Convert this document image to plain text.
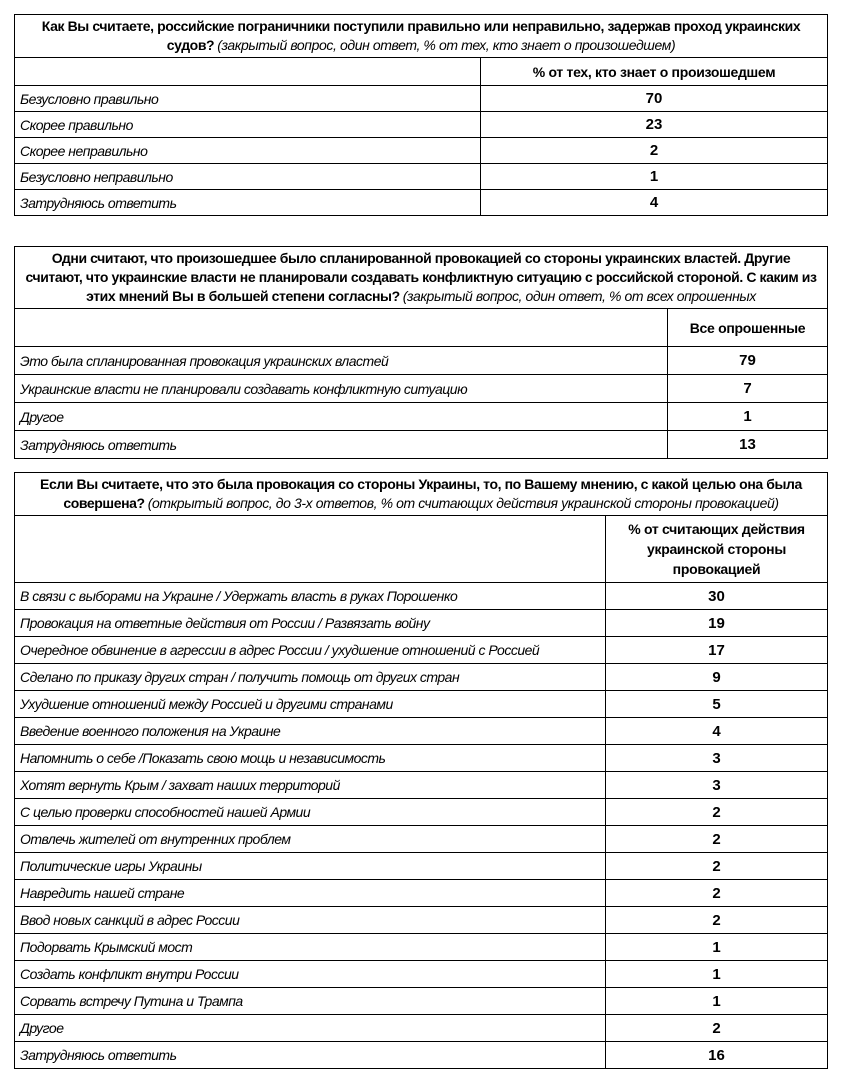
Как Вы считаете, российские пограничники поступили правильно или неправильно, задержав проход украинских судов? (закрытый вопрос, один ответ, % от тех, кто знает о произошедшем)	
	% от тех, кто знает о произошедшем
Безусловно правильно	70
Скорее правильно	23
Скорее неправильно	2
Безусловно неправильно	1
Затрудняюсь ответить	4
Одни считают, что произошедшее было спланированной провокацией со стороны украинских властей. Другие считают, что украинские власти не планировали создавать конфликтную ситуацию с российской стороной. С каким из этих мнений Вы в большей степени согласны? (закрытый вопрос, один ответ, % от всех опрошенных	
	Все опрошенные
Это была спланированная провокация украинских властей	79
Украинские власти не планировали создавать конфликтную ситуацию	7
Другое	1
Затрудняюсь ответить	13
Если Вы считаете, что это была провокация со стороны Украины, то, по Вашему мнению, с какой целью она была совершена? (открытый вопрос, до 3-х ответов, % от считающих действия украинской стороны провокацией)	
	% от считающих действия украинской стороны провокацией
В связи с выборами на Украине / Удержать власть в руках Порошенко	30
Провокация на ответные действия от России / Развязать войну	19
Очередное обвинение в агрессии в адрес России / ухудшение отношений с Россией	17
Сделано по приказу других стран / получить помощь от других стран	9
Ухудшение отношений между Россией и другими странами	5
Введение военного положения на Украине	4
Напомнить о себе /Показать свою мощь и независимость	3
Хотят вернуть Крым / захват наших территорий	3
С целью проверки способностей нашей Армии	2
Отвлечь жителей от внутренних проблем	2
Политические игры Украины	2
Навредить нашей стране	2
Ввод новых санкций в адрес России	2
Подорвать Крымский мост	1
Создать конфликт внутри России	1
Сорвать встречу Путина и Трампа	1
Другое	2
Затрудняюсь ответить	16
